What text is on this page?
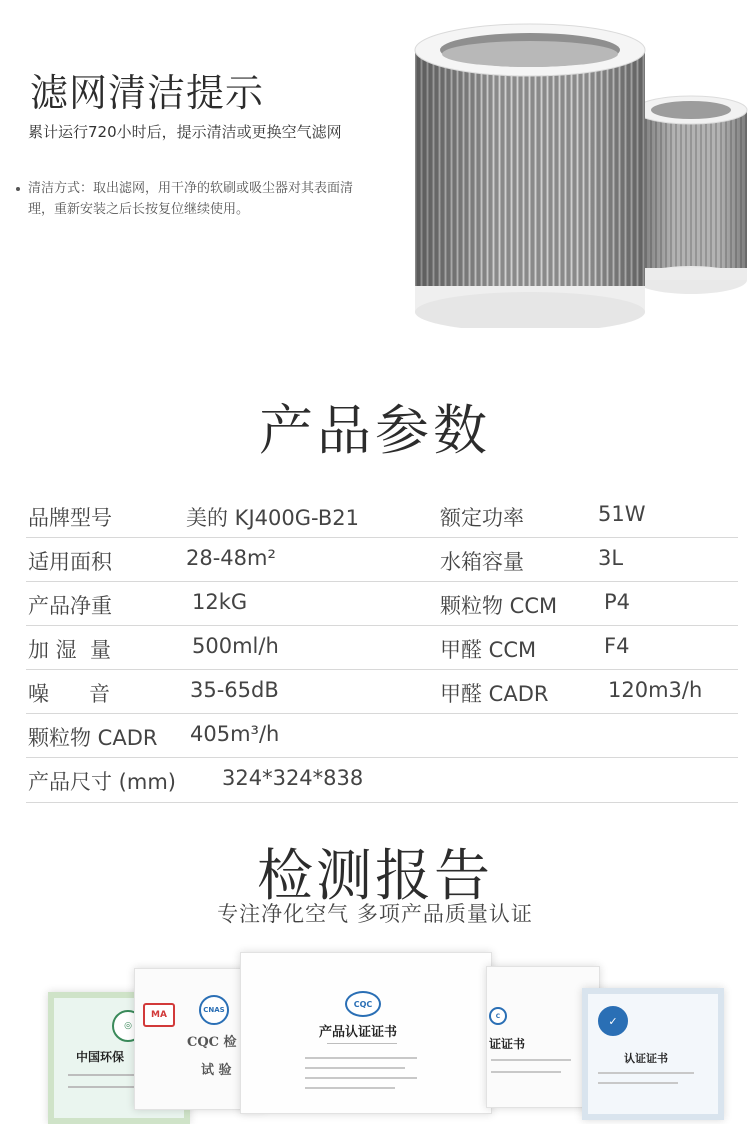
滤网清洁提示
累计运行720小时后，提示清洁或更换空气滤网
清洁方式：取出滤网，用干净的软刷或吸尘器对其表面清理，重新安装之后长按复位继续使用。
产品参数
品牌型号	美的 KJ400G-B21	额定功率	51W
适用面积	28-48m²	水箱容量	3L
产品净重	12kG	颗粒物 CCM P4
加 湿  量	500ml/h	甲醛 CCM	F4
噪      音	35-65dB	甲醛 CADR	120m3/h
颗粒物 CADR 405m³/h
产品尺寸 (mm) 324*324*838
检测报告
专注净化空气 多项产品质量认证
◎
中国环保
MA	CNAS
CQC 检
试 验
CQC
产品认证证书
C
证证书
✓
认证证书
